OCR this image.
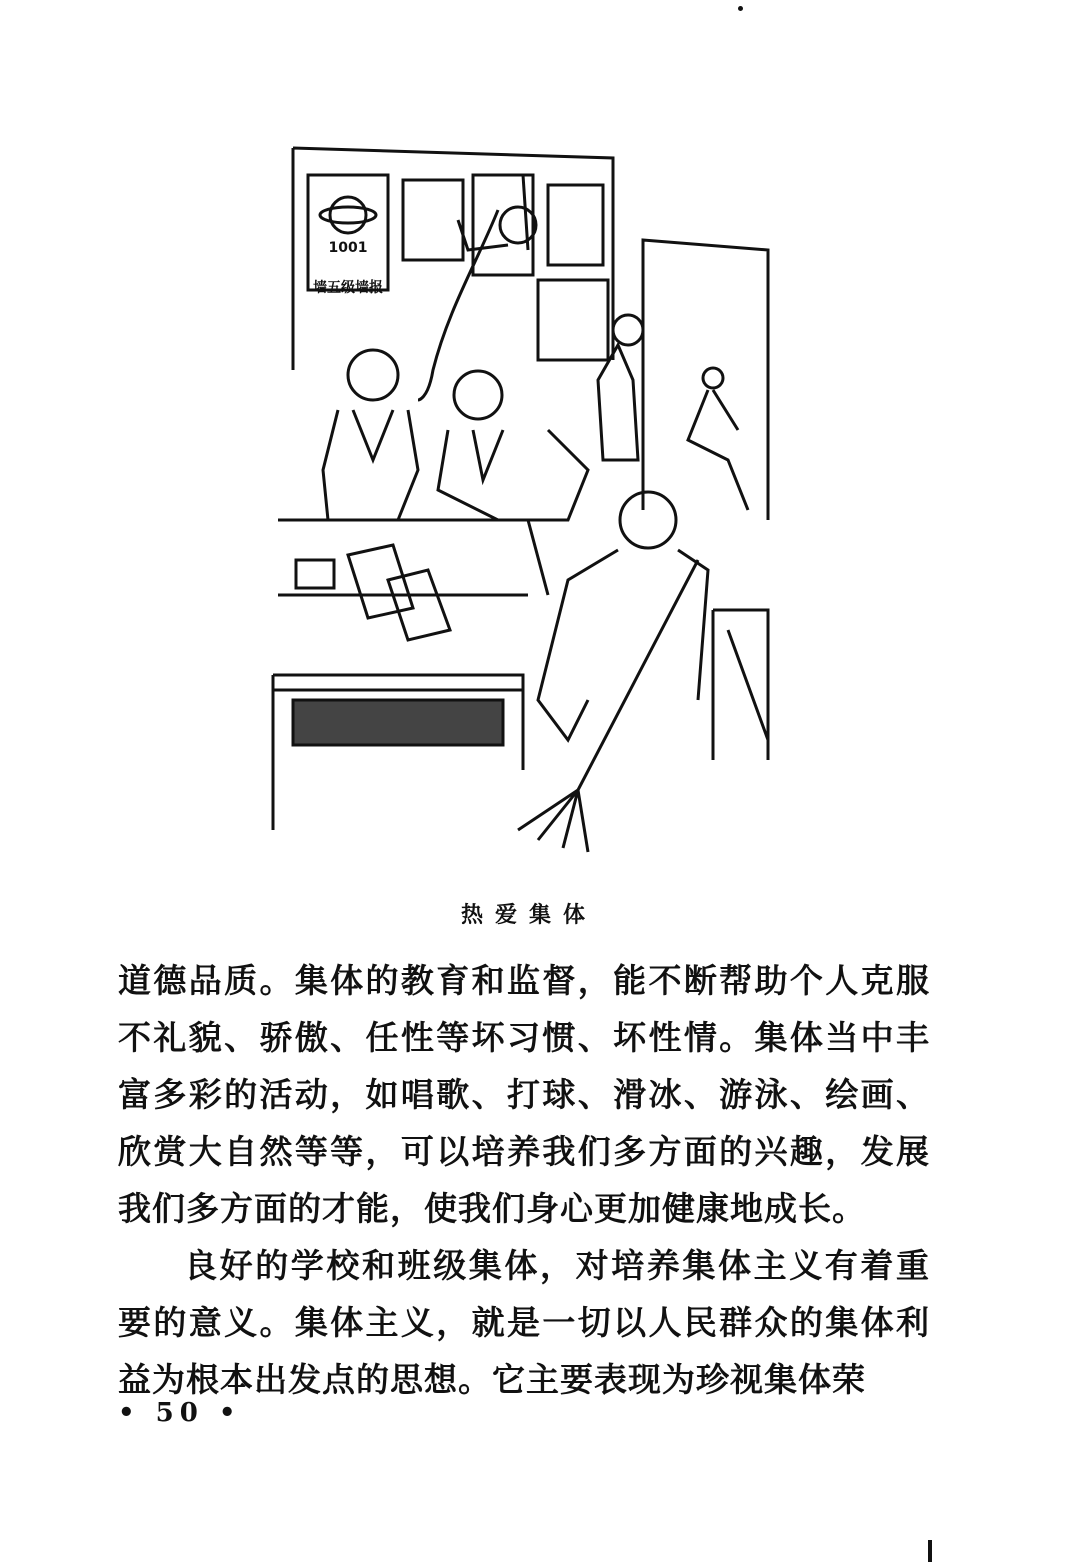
1001
墙五级墙报
热爱集体

道德品质。集体的教育和监督，能不断帮助个人克服不礼貌、骄傲、任性等坏习惯、坏性情。集体当中丰富多彩的活动，如唱歌、打球、滑冰、游泳、绘画、欣赏大自然等等，可以培养我们多方面的兴趣，发展我们多方面的才能，使我们身心更加健康地成长。

良好的学校和班级集体，对培养集体主义有着重要的意义。集体主义，就是一切以人民群众的集体利益为根本出发点的思想。它主要表现为珍视集体荣

• 50 •
